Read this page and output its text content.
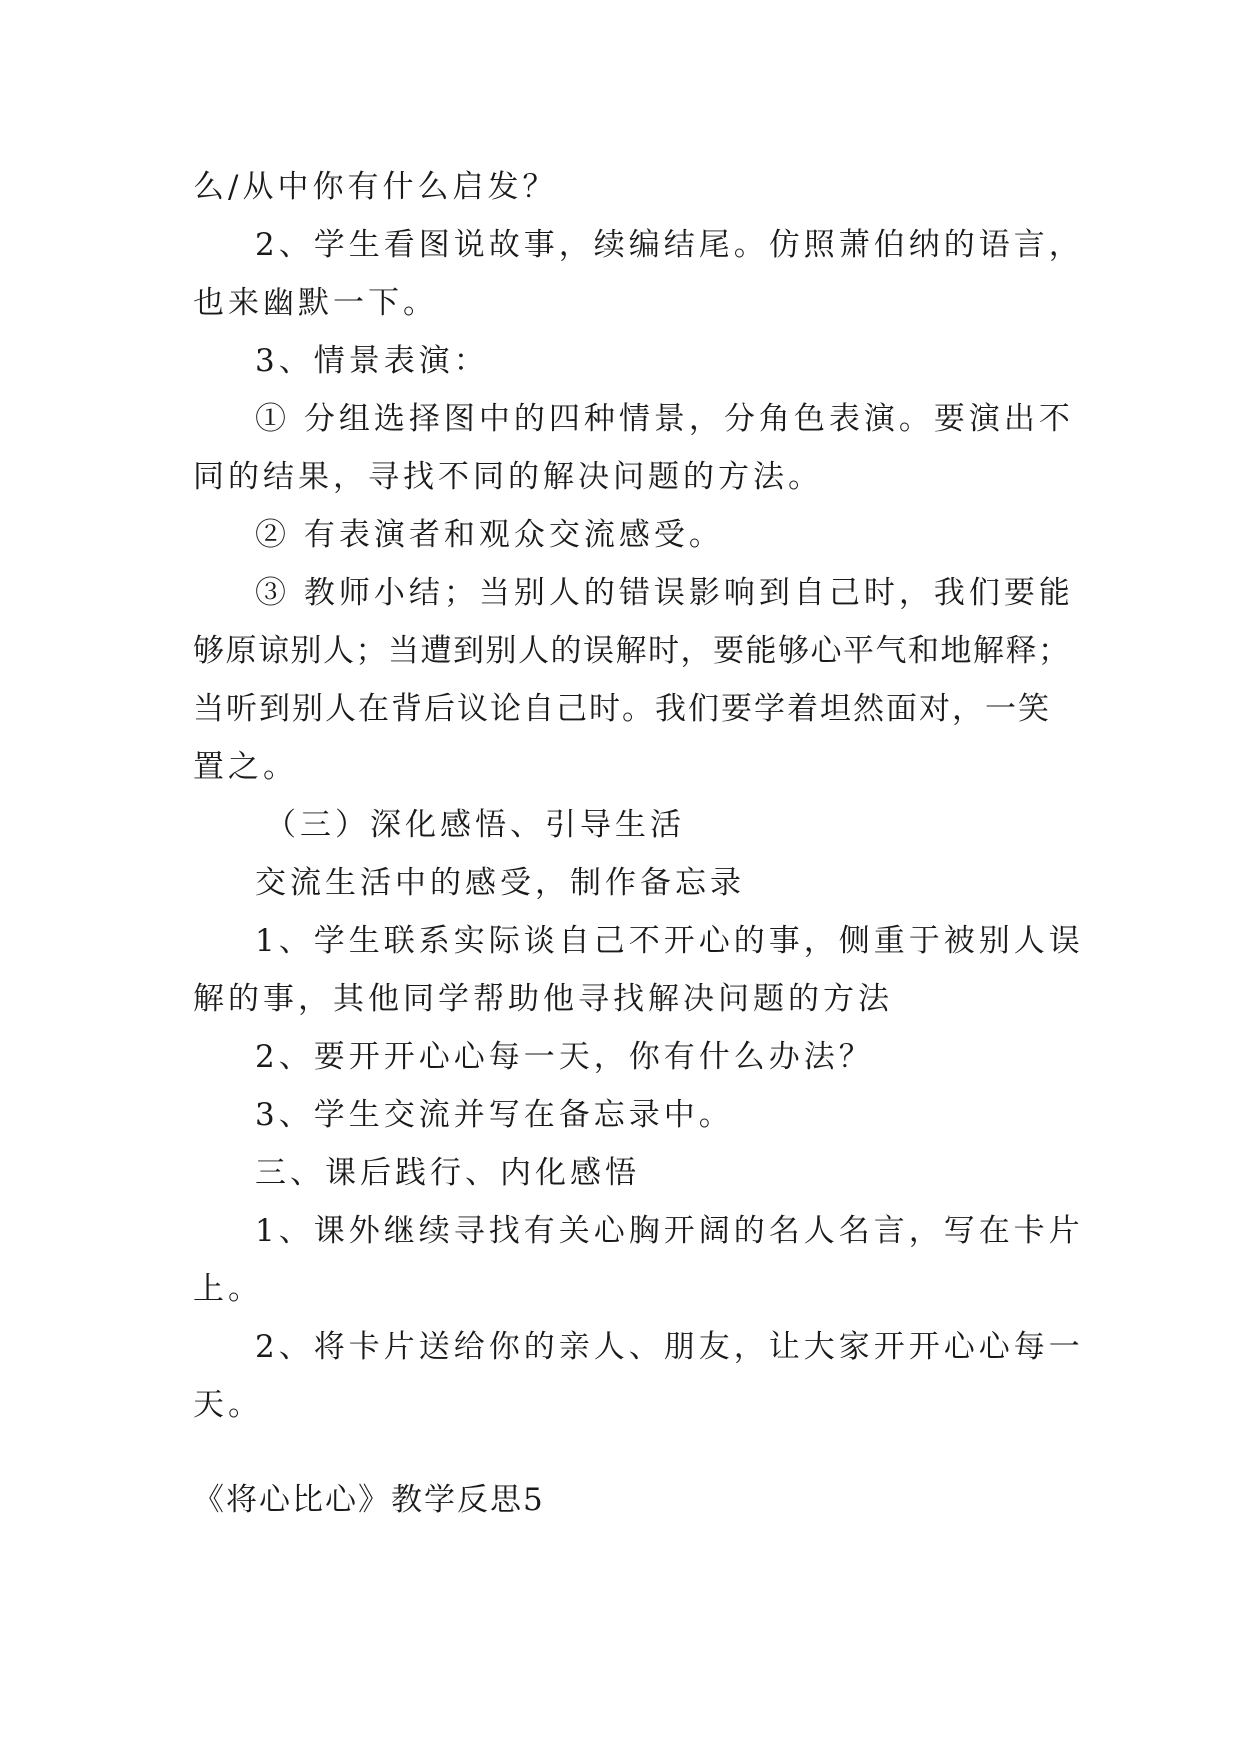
么/从中你有什么启发？
2、学生看图说故事，续编结尾。仿照萧伯纳的语言，
也来幽默一下。
3、情景表演：
① 分组选择图中的四种情景，分角色表演。要演出不
同的结果，寻找不同的解决问题的方法。
② 有表演者和观众交流感受。
③ 教师小结；当别人的错误影响到自己时，我们要能
够原谅别人；当遭到别人的误解时，要能够心平气和地解释；
当听到别人在背后议论自己时。我们要学着坦然面对，一笑
置之。
（三）深化感悟、引导生活
交流生活中的感受，制作备忘录
1、学生联系实际谈自己不开心的事，侧重于被别人误
解的事，其他同学帮助他寻找解决问题的方法
2、要开开心心每一天，你有什么办法？
3、学生交流并写在备忘录中。
三、课后践行、内化感悟
1、课外继续寻找有关心胸开阔的名人名言，写在卡片
上。
2、将卡片送给你的亲人、朋友，让大家开开心心每一
天。
《将心比心》教学反思5
